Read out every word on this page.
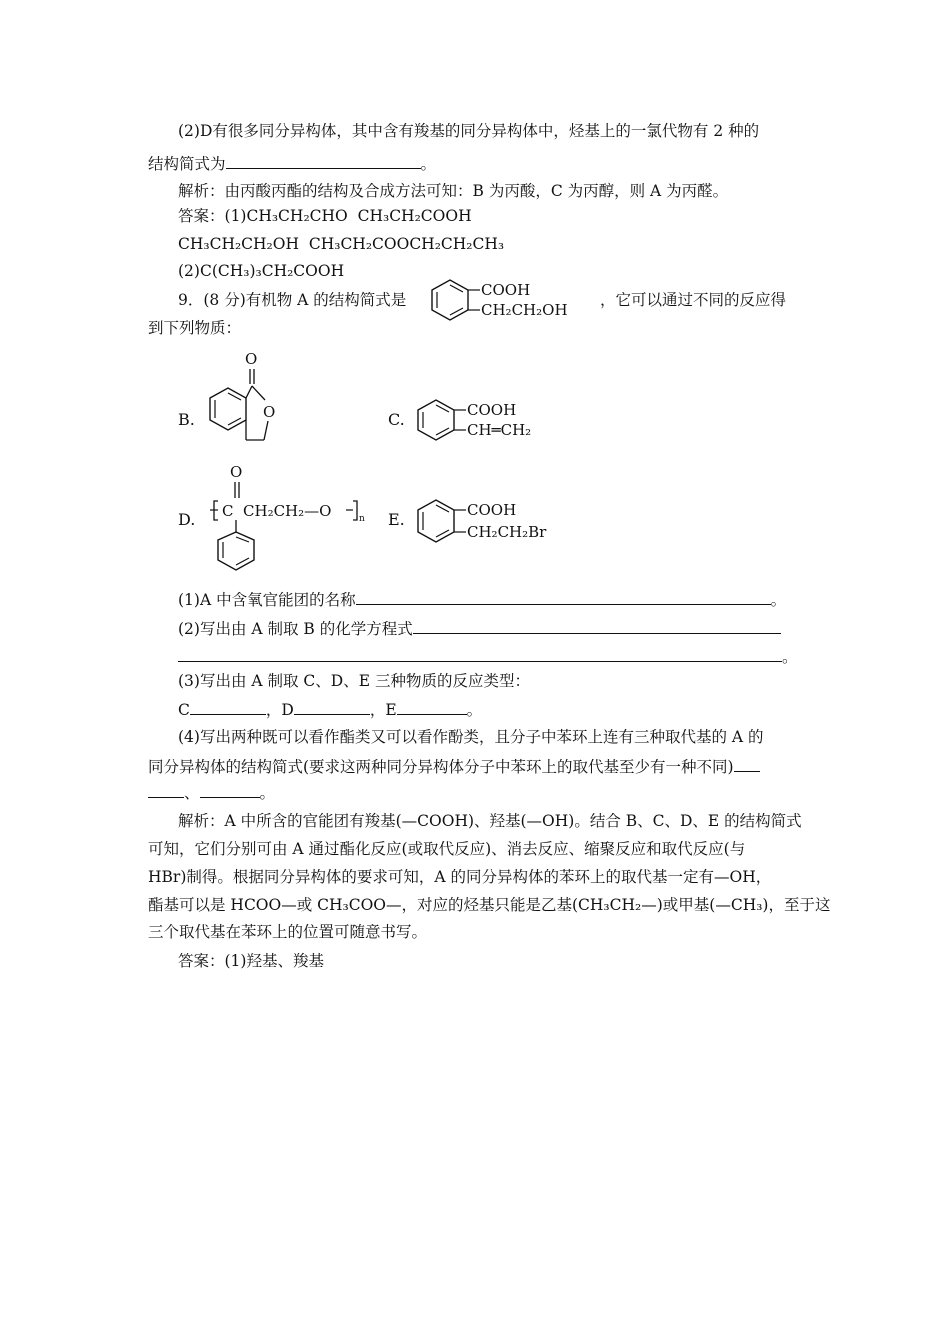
(2)D有很多同分异构体，其中含有羧基的同分异构体中，烃基上的一氯代物有 2 种的
结构简式为	。
解析：由丙酸丙酯的结构及合成方法可知：B 为丙酸，C 为丙醇，则 A 为丙醛。
答案：(1)CH₃CH₂CHO CH₃CH₂COOH
CH₃CH₂CH₂OH CH₃CH₂COOCH₂CH₂CH₃
(2)C(CH₃)₃CH₂COOH
9．(8 分)有机物 A 的结构简式是	，它可以通过不同的反应得
到下列物质：
COOH
CH₂CH₂OH
B.
O
O	C.	COOH
CH═CH₂
D.
O
C  CH₂CH₂—O	n E.	COOH
CH₂CH₂Br
(1)A 中含氧官能团的名称	。
(2)写出由 A 制取 B 的化学方程式
。
(3)写出由 A 制取 C、D、E 三种物质的反应类型：
C	，D	，E	。
(4)写出两种既可以看作酯类又可以看作酚类，且分子中苯环上连有三种取代基的 A 的
同分异构体的结构简式(要求这两种同分异构体分子中苯环上的取代基至少有一种不同)
、	。
解析：A 中所含的官能团有羧基(—COOH)、羟基(—OH)。结合 B、C、D、E 的结构简式
可知，它们分别可由 A 通过酯化反应(或取代反应)、消去反应、缩聚反应和取代反应(与
HBr)制得。根据同分异构体的要求可知，A 的同分异构体的苯环上的取代基一定有—OH，
酯基可以是 HCOO—或 CH₃COO—，对应的烃基只能是乙基(CH₃CH₂—)或甲基(—CH₃)，至于这
三个取代基在苯环上的位置可随意书写。
答案：(1)羟基、羧基
